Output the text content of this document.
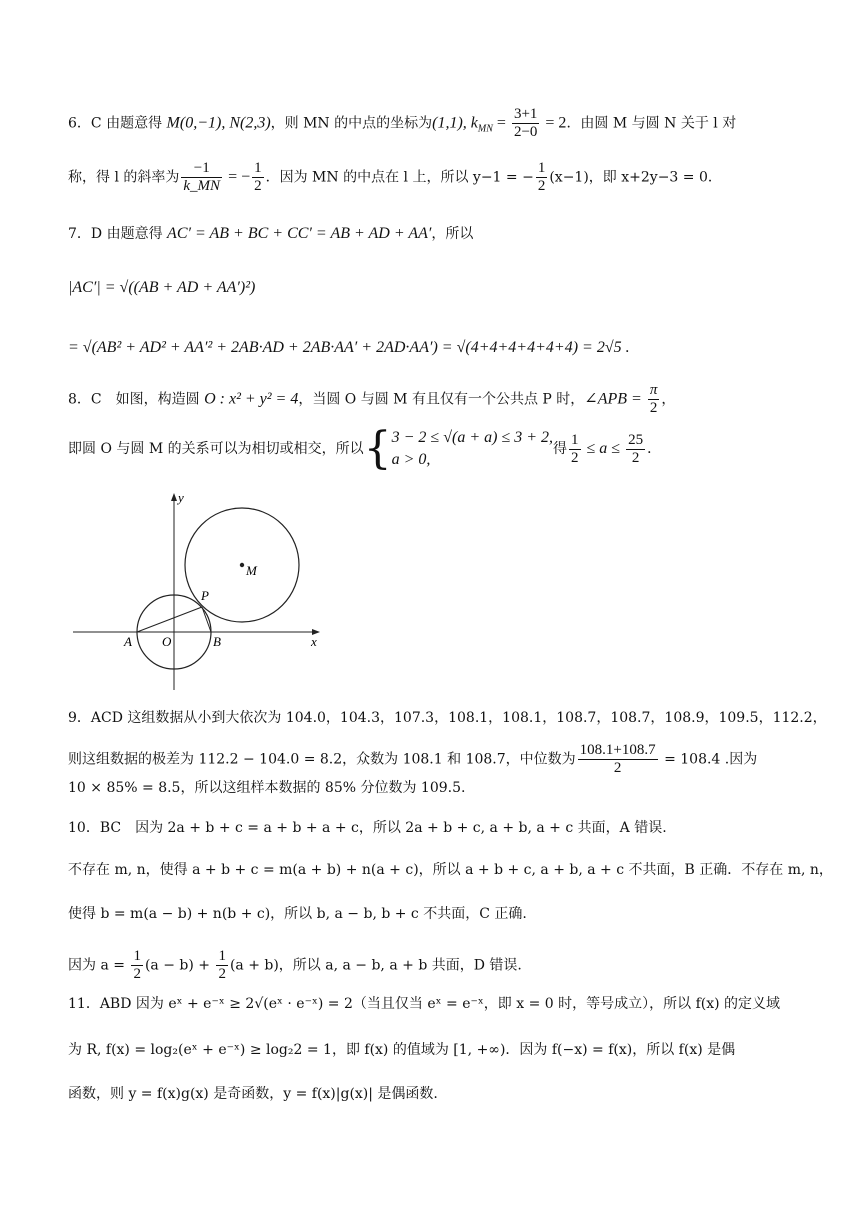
6．C 由题意得 M(0,−1), N(2,3)，则 MN 的中点的坐标为(1,1), $k_{MN} = \frac{3+1}{2-0} = 2$．由圆 M 与圆 N 关于 l 对
称，得 l 的斜率为 $\frac{-1}{k\_MN}$ = − $\frac{1}{2}$ ．因为 MN 的中点在 l 上，所以 y−1 = − $\frac{1}{2} (x-1)$，即 x+2y−3 = 0．
7．D 由题意得 AC′ = AB + BC + CC′ = AB + AD + AA′，所以
|AC′| = √((AB + AD + AA′)²)
= √(AB² + AD² + AA′² + 2AB·AD + 2AB·AA′ + 2AD·AA′) = √(4+4+4+4+4+4) = 2√5 .
8．C　如图，构造圆 O : x² + y² = 4，当圆 O 与圆 M 有且仅有一个公共点 P 时，∠APB = $\frac{\pi}{2}$ ，
即圆 O 与圆 M 的关系可以为相切或相交，所以{ 3 − 2 ≤ √(a + a) ≤ 3 + 2,
a > 0,
得 $\frac{1}{2} \le a \le \frac{25}{2}$ ．
y
x
M
P
A O	B
9．ACD 这组数据从小到大依次为 104.0，104.3，107.3，108.1，108.1，108.7，108.7，108.9，109.5，112.2，
则这组数据的极差为 112.2 − 104.0 = 8.2，众数为 108.1 和 108.7，中位数为 $\frac{108.1+108.7}{2} = 108.4$ .因为
10 × 85% = 8.5，所以这组样本数据的 85% 分位数为 109.5.
10．BC　因为 2a + b + c = a + b + a + c，所以 2a + b + c, a + b, a + c 共面，A 错误.
不存在 m, n，使得 a + b + c = m(a + b) + n(a + c)，所以 a + b + c, a + b, a + c 不共面，B 正确．不存在 m, n，
使得 b = m(a − b) + n(b + c)，所以 b, a − b, b + c 不共面，C 正确.
因为 $a = \frac{1}{2} (a - b) + \frac{1}{2} (a + b)$，所以 a, a − b, a + b 共面，D 错误.
11．ABD 因为 eˣ + e⁻ˣ ≥ 2√(eˣ · e⁻ˣ) = 2（当且仅当 eˣ = e⁻ˣ，即 x = 0 时，等号成立），所以 f(x) 的定义域
为 R, f(x) = log₂(eˣ + e⁻ˣ) ≥ log₂2 = 1，即 f(x) 的值域为 [1, +∞)．因为 f(−x) = f(x)，所以 f(x) 是偶
函数，则 y = f(x)g(x) 是奇函数，y = f(x)|g(x)| 是偶函数.
